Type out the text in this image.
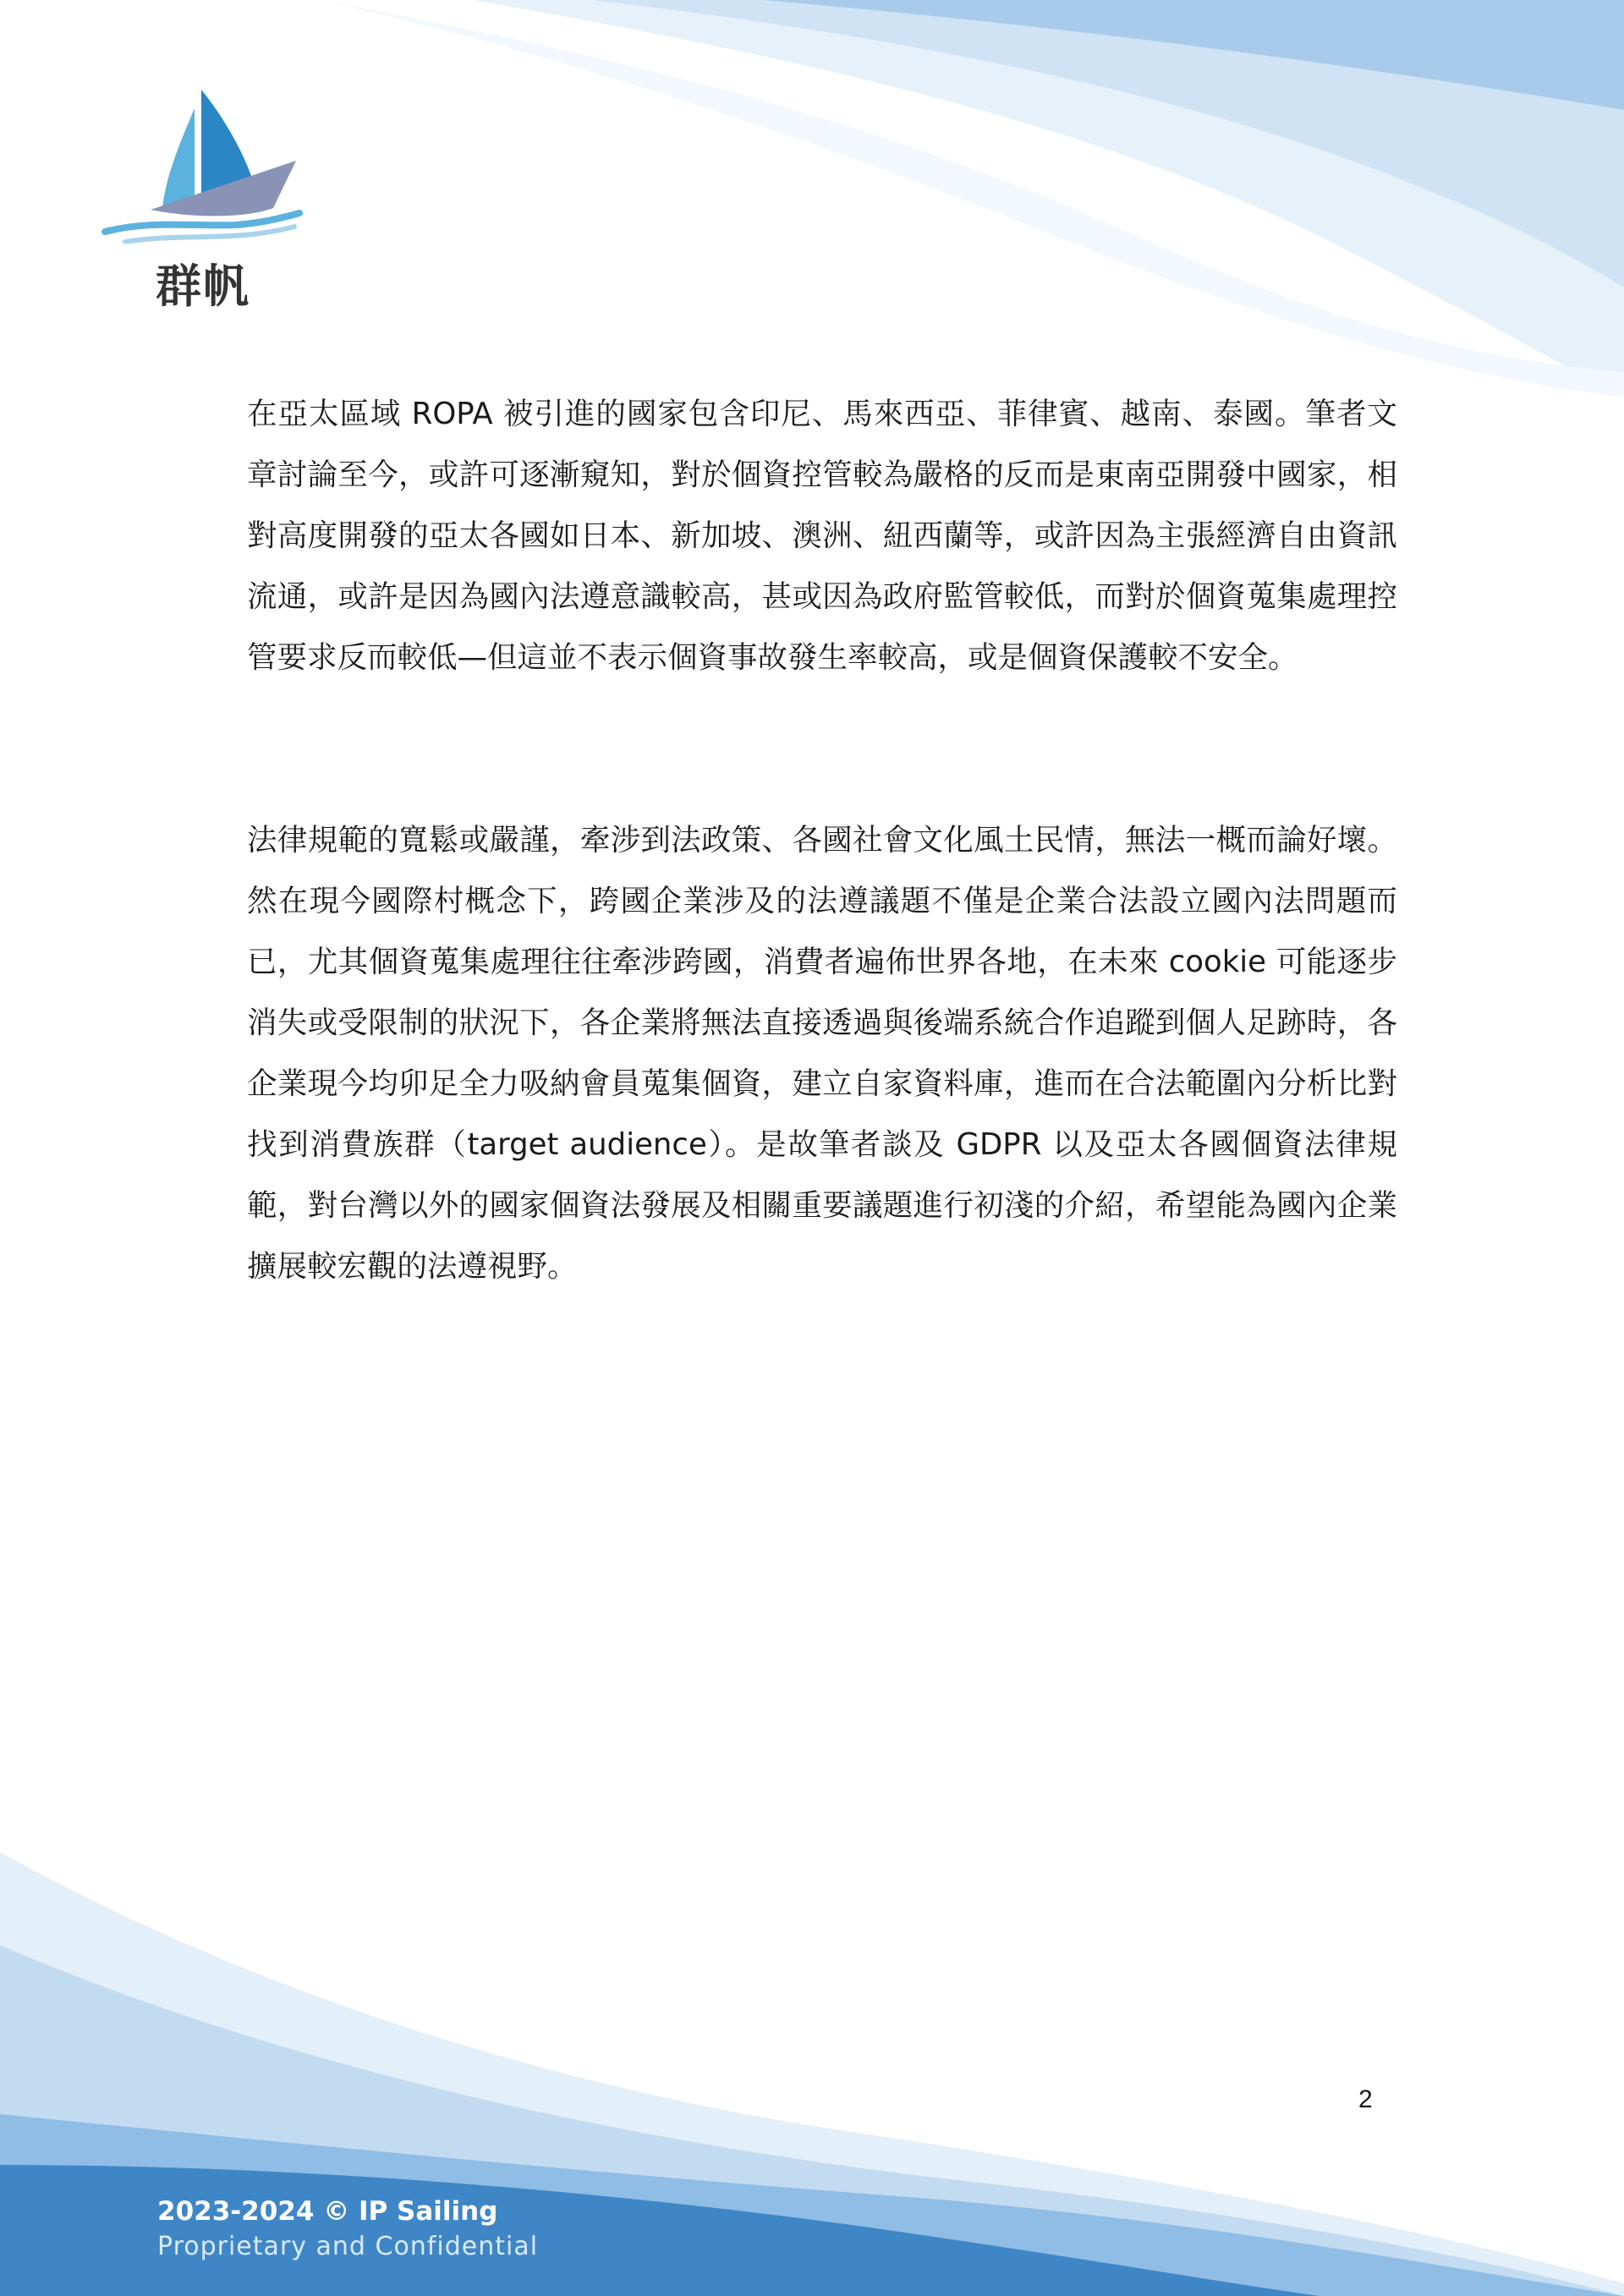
群帆

在亞太區域 ROPA 被引進的國家包含印尼、馬來西亞、菲律賓、越南、泰國。筆者文章討論至今，或許可逐漸窺知，對於個資控管較為嚴格的反而是東南亞開發中國家，相對高度開發的亞太各國如日本、新加坡、澳洲、紐西蘭等，或許因為主張經濟自由資訊流通，或許是因為國內法遵意識較高，甚或因為政府監管較低，而對於個資蒐集處理控管要求反而較低—但這並不表示個資事故發生率較高，或是個資保護較不安全。

法律規範的寬鬆或嚴謹，牽涉到法政策、各國社會文化風土民情，無法一概而論好壞。然在現今國際村概念下，跨國企業涉及的法遵議題不僅是企業合法設立國內法問題而已，尤其個資蒐集處理往往牽涉跨國，消費者遍佈世界各地，在未來 cookie 可能逐步消失或受限制的狀況下，各企業將無法直接透過與後端系統合作追蹤到個人足跡時，各企業現今均卯足全力吸納會員蒐集個資，建立自家資料庫，進而在合法範圍內分析比對找到消費族群（target audience）。是故筆者談及 GDPR 以及亞太各國個資法律規範，對台灣以外的國家個資法發展及相關重要議題進行初淺的介紹，希望能為國內企業擴展較宏觀的法遵視野。

2
2023-2024 © IP Sailing
Proprietary and Confidential
